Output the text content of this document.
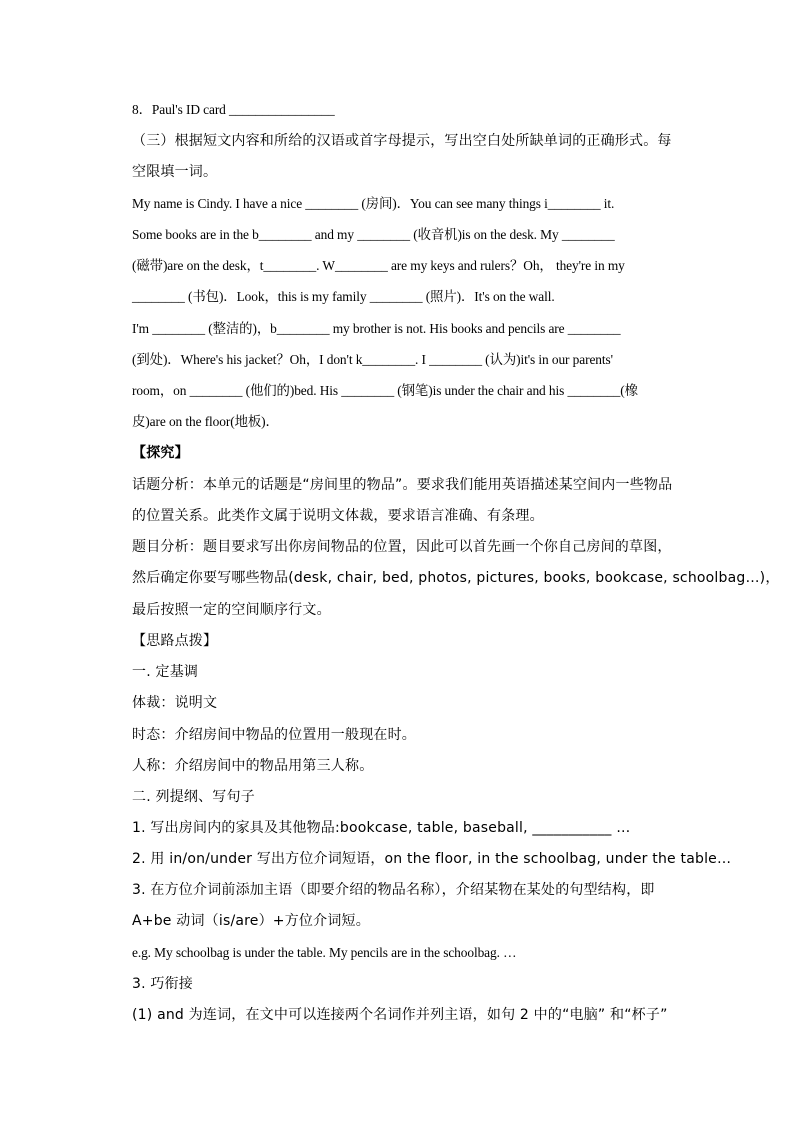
8．Paul's ID card ________________
（三）根据短文内容和所给的汉语或首字母提示，写出空白处所缺单词的正确形式。每
空限填一词。
My name is Cindy. I have a nice ________ (房间)．You can see many things i________ it.
Some books are in the b________ and my ________ (收音机)is on the desk. My ________
(磁带)are on the desk，t________. W________ are my keys and rulers？Oh， they're in my
________ (书包)．Look，this is my family ________ (照片)．It's on the wall.
I'm ________ (整洁的)，b________ my brother is not. His books and pencils are ________
(到处)．Where's his jacket？Oh，I don't k________. I ________ (认为)it's in our parents'
room，on ________ (他们的)bed. His ________ (钢笔)is under the chair and his ________(橡
皮)are on the floor(地板)．
【探究】
话题分析：本单元的话题是“房间里的物品”。要求我们能用英语描述某空间内一些物品
的位置关系。此类作文属于说明文体裁，要求语言准确、有条理。
题目分析：题目要求写出你房间物品的位置，因此可以首先画一个你自己房间的草图，
然后确定你要写哪些物品(desk, chair, bed, photos, pictures, books, bookcase, schoolbag…)，
最后按照一定的空间顺序行文。
【思路点拨】
一. 定基调
体裁：说明文
时态：介绍房间中物品的位置用一般现在时。
人称：介绍房间中的物品用第三人称。
二. 列提纲、写句子
1. 写出房间内的家具及其他物品:bookcase, table, baseball, ___________ …
2. 用 in/on/under 写出方位介词短语，on the floor, in the schoolbag, under the table…
3. 在方位介词前添加主语（即要介绍的物品名称），介绍某物在某处的句型结构，即
A+be 动词（is/are）+方位介词短。
e.g. My schoolbag is under the table. My pencils are in the schoolbag. …
3. 巧衔接
(1) and 为连词，在文中可以连接两个名词作并列主语，如句 2 中的“电脑” 和“杯子”
